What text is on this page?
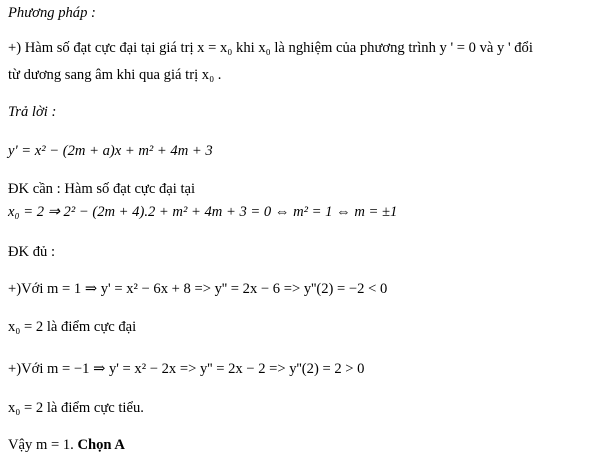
Phương pháp :
+) Hàm số đạt cực đại tại giá trị x = x₀ khi x₀ là nghiệm của phương trình y ' = 0 và y ' đổi
từ dương sang âm khi qua giá trị x₀ .
Trả lời :
y' = x² − (2m + a)x + m² + 4m + 3
ĐK cần : Hàm số đạt cực đại tại
x₀ = 2 ⇒ 2² − (2m + 4).2 + m² + 4m + 3 = 0 ⇔ m² = 1 ⇔ m = ±1
ĐK đủ :
+)Với m = 1 ⇒ y' = x² − 6x + 8 => y'' = 2x − 6 => y''(2) = −2 < 0
x₀ = 2 là điểm cực đại
+)Với m = −1 ⇒ y' = x² − 2x => y'' = 2x − 2 => y''(2) = 2 > 0
x₀ = 2 là điểm cực tiểu.
Vậy m = 1. Chọn A
